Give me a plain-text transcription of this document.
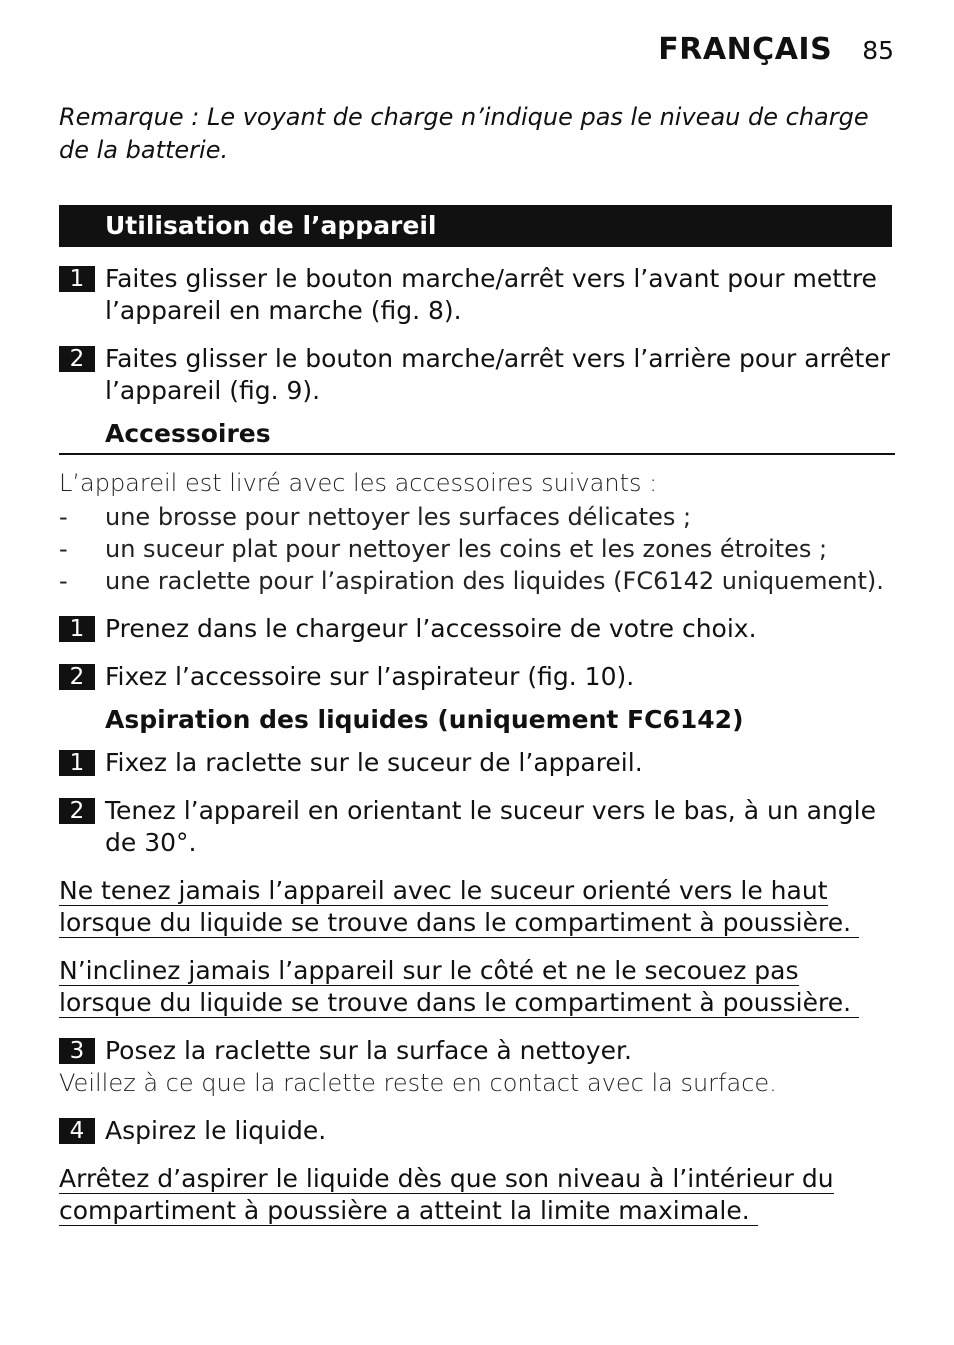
FRANÇAIS 85

Remarque : Le voyant de charge n’indique pas le niveau de charge de la batterie.

Utilisation de l’appareil
1 Faites glisser le bouton marche/arrêt vers l’avant pour mettre l’appareil en marche (fig. 8).
2 Faites glisser le bouton marche/arrêt vers l’arrière pour arrêter l’appareil (fig. 9).
Accessoires
L’appareil est livré avec les accessoires suivants :
- une brosse pour nettoyer les surfaces délicates ;
- un suceur plat pour nettoyer les coins et les zones étroites ;
- une raclette pour l’aspiration des liquides (FC6142 uniquement).
1 Prenez dans le chargeur l’accessoire de votre choix.
2 Fixez l’accessoire sur l’aspirateur (fig. 10).
Aspiration des liquides (uniquement FC6142)
1 Fixez la raclette sur le suceur de l’appareil.
2 Tenez l’appareil en orientant le suceur vers le bas, à un angle de 30°.
Ne tenez jamais l’appareil avec le suceur orienté vers le haut lorsque du liquide se trouve dans le compartiment à poussière.
N’inclinez jamais l’appareil sur le côté et ne le secouez pas lorsque du liquide se trouve dans le compartiment à poussière.
3 Posez la raclette sur la surface à nettoyer.
Veillez à ce que la raclette reste en contact avec la surface.
4 Aspirez le liquide.
Arrêtez d’aspirer le liquide dès que son niveau à l’intérieur du compartiment à poussière a atteint la limite maximale.
